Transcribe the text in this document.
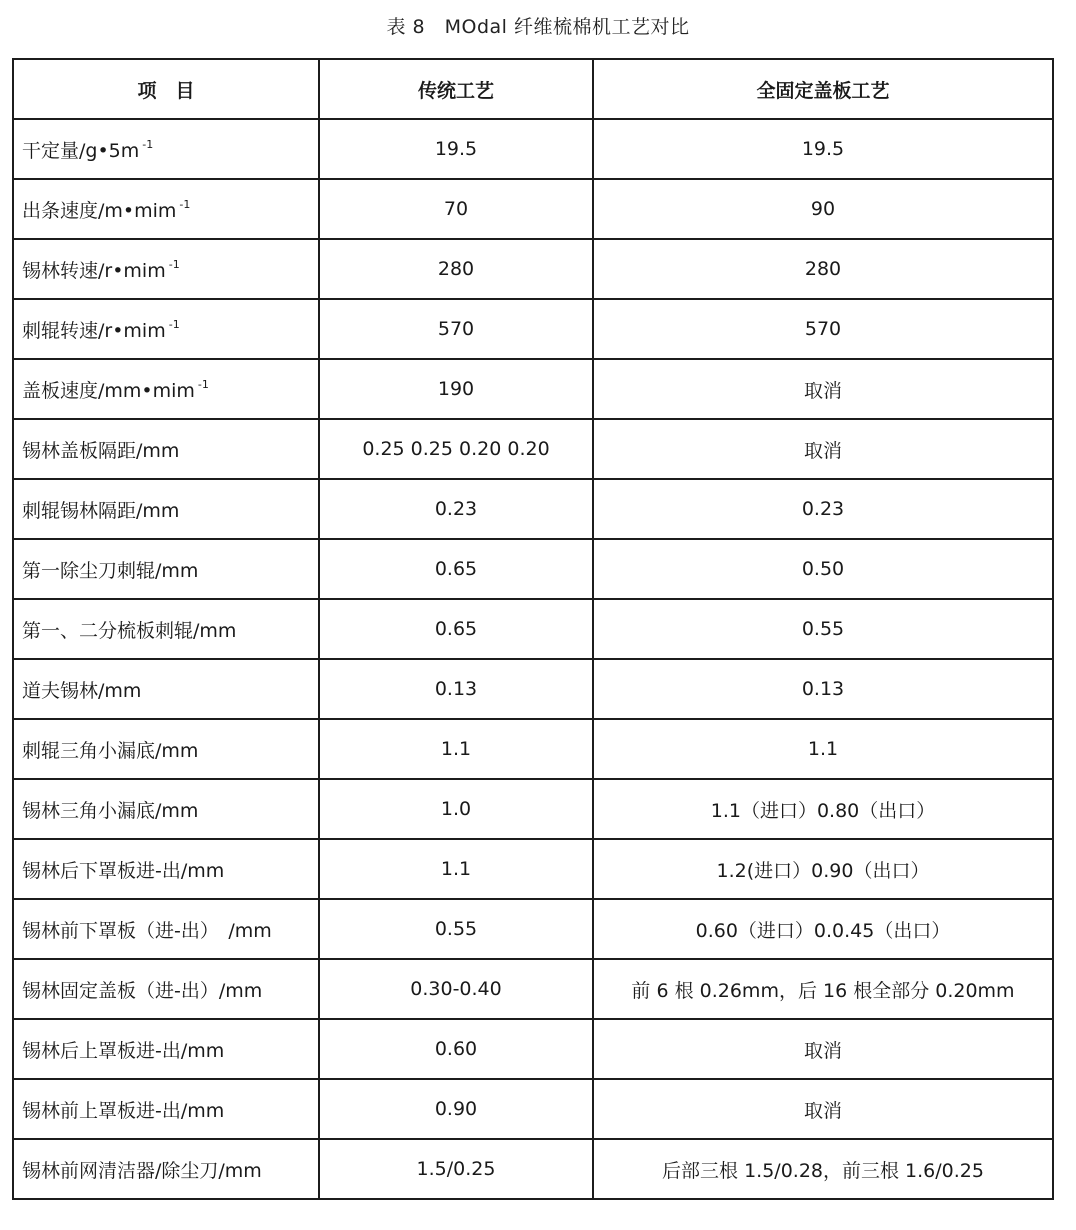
表 8　MOdal 纤维梳棉机工艺对比
项　目	传统工艺	全固定盖板工艺
干定量/g•5m $^{-1}$	19.5	19.5
出条速度/m•mim $^{-1}$	70	90
锡林转速/r•mim $^{-1}$	280	280
刺辊转速/r•mim $^{-1}$	570	570
盖板速度/mm•mim $^{-1}$	190	取消
锡林盖板隔距/mm	0.25 0.25 0.20 0.20	取消
刺辊锡林隔距/mm	0.23	0.23
第一除尘刀刺辊/mm	0.65	0.50
第一、二分梳板刺辊/mm	0.65	0.55
道夫锡林/mm	0.13	0.13
刺辊三角小漏底/mm	1.1	1.1
锡林三角小漏底/mm	1.0	1.1（进口）0.80（出口）
锡林后下罩板进-出/mm	1.1	1.2(进口）0.90（出口）
锡林前下罩板（进-出）　/mm	0.55	0.60（进口）0.0.45（出口）
锡林固定盖板（进-出）/mm	0.30-0.40	前 6 根 0.26mm，后 16 根全部分 0.20mm
锡林后上罩板进-出/mm	0.60	取消
锡林前上罩板进-出/mm	0.90	取消
锡林前网清洁器/除尘刀/mm	1.5/0.25	后部三根 1.5/0.28，前三根 1.6/0.25
